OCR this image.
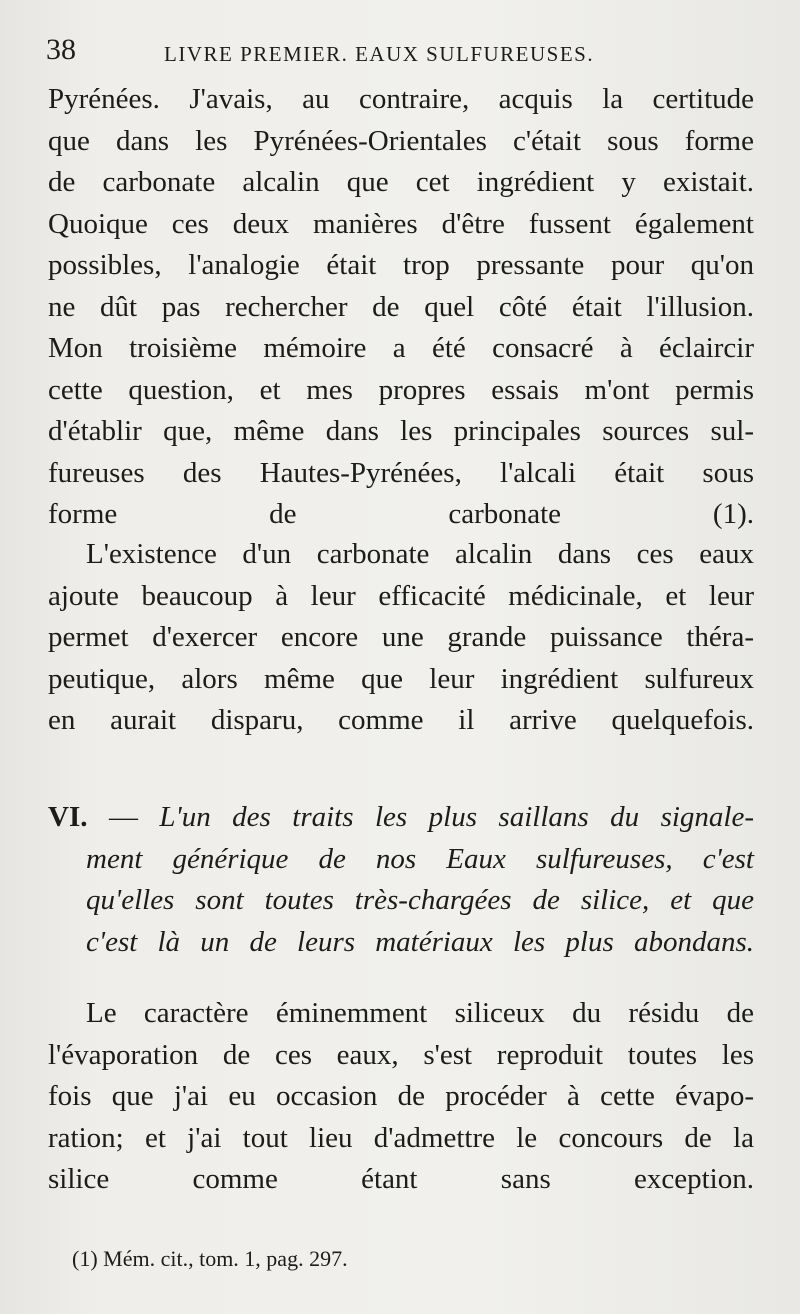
38	LIVRE PREMIER. EAUX SULFUREUSES.
Pyrénées. J'avais, au contraire, acquis la certitude
que dans les Pyrénées-Orientales c'était sous forme
de carbonate alcalin que cet ingrédient y existait.
Quoique ces deux manières d'être fussent également
possibles, l'analogie était trop pressante pour qu'on
ne dût pas rechercher de quel côté était l'illusion.
Mon troisième mémoire a été consacré à éclaircir
cette question, et mes propres essais m'ont permis
d'établir que, même dans les principales sources sul-
fureuses des Hautes-Pyrénées, l'alcali était sous
forme de carbonate (1).
L'existence d'un carbonate alcalin dans ces eaux
ajoute beaucoup à leur efficacité médicinale, et leur
permet d'exercer encore une grande puissance théra-
peutique, alors même que leur ingrédient sulfureux
en aurait disparu, comme il arrive quelquefois.
VI. — L'un des traits les plus saillans du signale-
ment générique de nos Eaux sulfureuses, c'est
qu'elles sont toutes très-chargées de silice, et que
c'est là un de leurs matériaux les plus abondans.
Le caractère éminemment siliceux du résidu de
l'évaporation de ces eaux, s'est reproduit toutes les
fois que j'ai eu occasion de procéder à cette évapo-
ration; et j'ai tout lieu d'admettre le concours de la
silice comme étant sans exception.
(1) Mém. cit., tom. 1, pag. 297.
